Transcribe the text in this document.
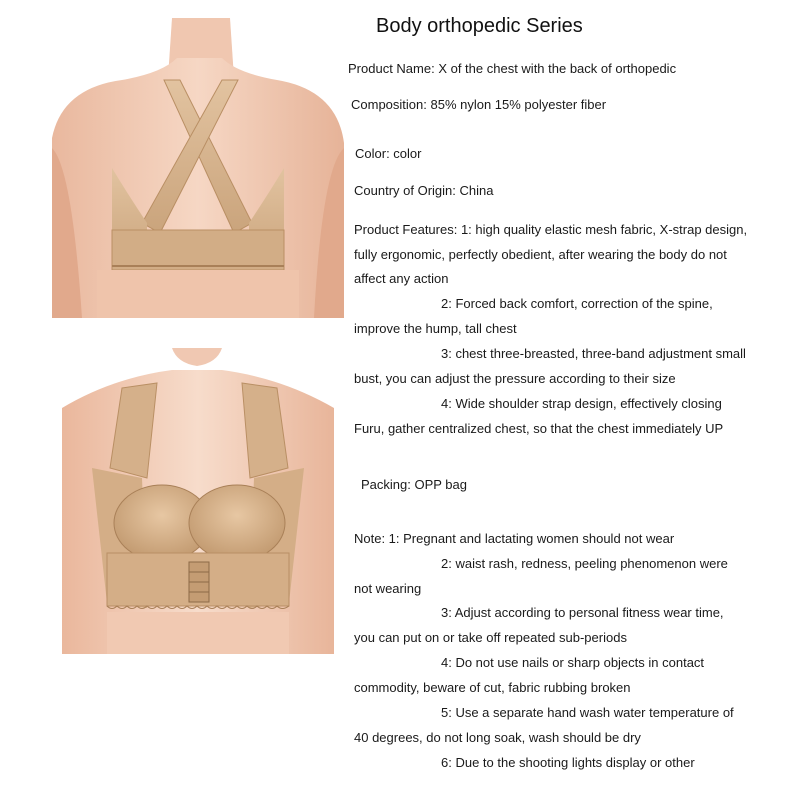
Body orthopedic Series
Product Name: X of the chest with the back of orthopedic
Composition: 85% nylon 15% polyester fiber
Color: color
Country of Origin: China
Product Features: 1: high quality elastic mesh fabric, X-strap design,
fully ergonomic, perfectly obedient, after wearing the body do not
affect any action
2: Forced back comfort, correction of the spine,
improve the hump, tall chest
3: chest three-breasted, three-band adjustment small
bust, you can adjust the pressure according to their size
4: Wide shoulder strap design, effectively closing
Furu, gather centralized chest, so that the chest immediately UP
Packing: OPP bag
Note: 1: Pregnant and lactating women should not wear
2: waist rash, redness, peeling phenomenon were
not wearing
3: Adjust according to personal fitness wear time,
you can put on or take off repeated sub-periods
4: Do not use nails or sharp objects in contact
commodity, beware of cut, fabric rubbing broken
5: Use a separate hand wash water temperature of
40 degrees, do not long soak, wash should be dry
6: Due to the shooting lights display or other
